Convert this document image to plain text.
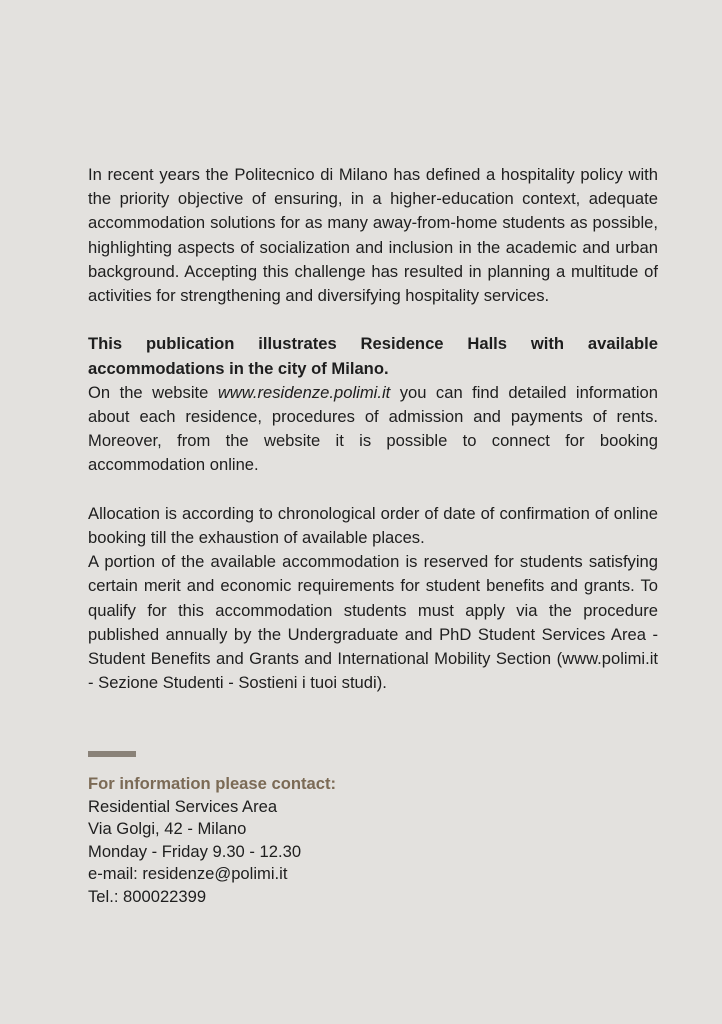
In recent years the Politecnico di Milano has defined a hospitality policy with the priority objective of ensuring, in a higher-education context, adequate accommodation solutions for as many away-from-home students as possible, highlighting aspects of socialization and inclusion in the academic and urban background. Accepting this challenge has resulted in planning a multitude of activities for strengthening and diversifying hospitality services.

This publication illustrates Residence Halls with available accommodations in the city of Milano.

On the website www.residenze.polimi.it you can find detailed information about each residence, procedures of admission and payments of rents. Moreover, from the website it is possible to connect for booking accommodation online.

Allocation is according to chronological order of date of confirmation of online booking till the exhaustion of available places.

A portion of the available accommodation is reserved for students satisfying certain merit and economic requirements for student benefits and grants. To qualify for this accommodation students must apply via the procedure published annually by the Undergraduate and PhD Student Services Area - Student Benefits and Grants and International Mobility Section (www.polimi.it - Sezione Studenti - Sostieni i tuoi studi).

For information please contact:
Residential Services Area
Via Golgi, 42 - Milano
Monday - Friday 9.30 - 12.30
e-mail: residenze@polimi.it
Tel.: 800022399
